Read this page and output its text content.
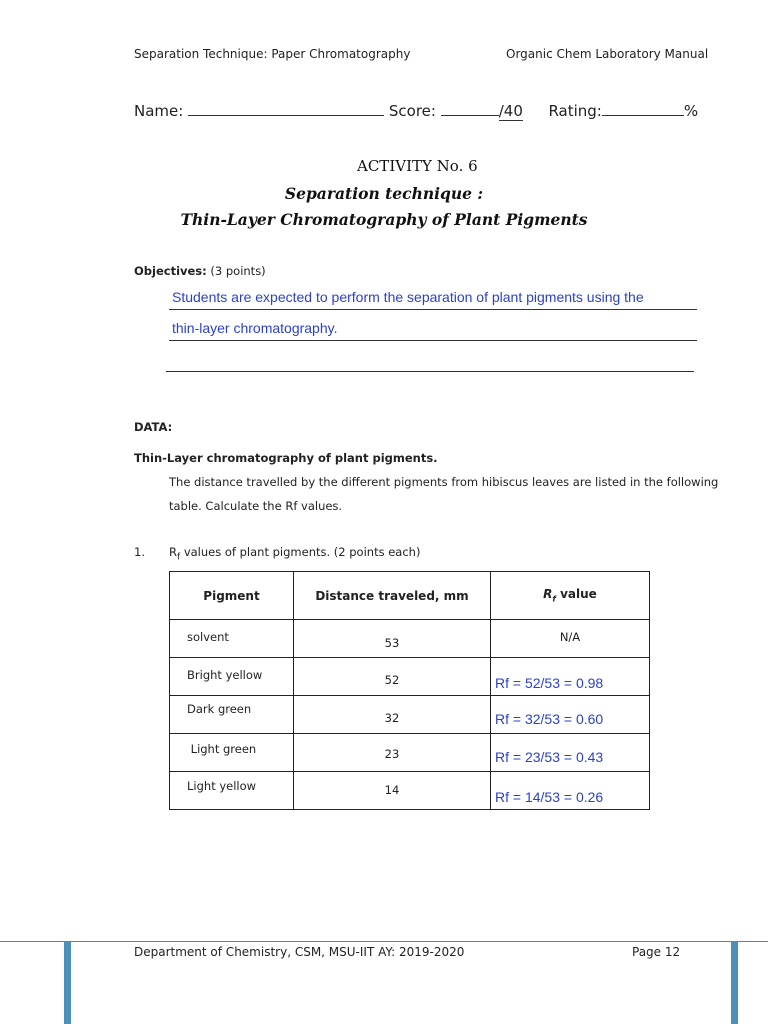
Separation Technique: Paper Chromatography	Organic Chem Laboratory Manual
Name:	Score:	/40 Rating:	%
ACTIVITY No. 6
Separation technique :
Thin-Layer Chromatography of Plant Pigments
Objectives: (3 points)
Students are expected to perform the separation of plant pigments using the
thin-layer chromatography.
DATA:
Thin-Layer chromatography of plant pigments.
The distance travelled by the different pigments from hibiscus leaves are listed in the following
table. Calculate the Rf values.
1. $R_f$ values of plant pigments. (2 points each)
Pigment	Distance traveled, mm	$R_f$ value
solvent	53	N/A
Bright yellow	52	Rf = 52/53 = 0.98
Dark green	32	Rf = 32/53 = 0.60
Light green	23	Rf = 23/53 = 0.43
Light yellow	14	Rf = 14/53 = 0.26
Department of Chemistry, CSM, MSU-IIT AY: 2019-2020	Page 12
